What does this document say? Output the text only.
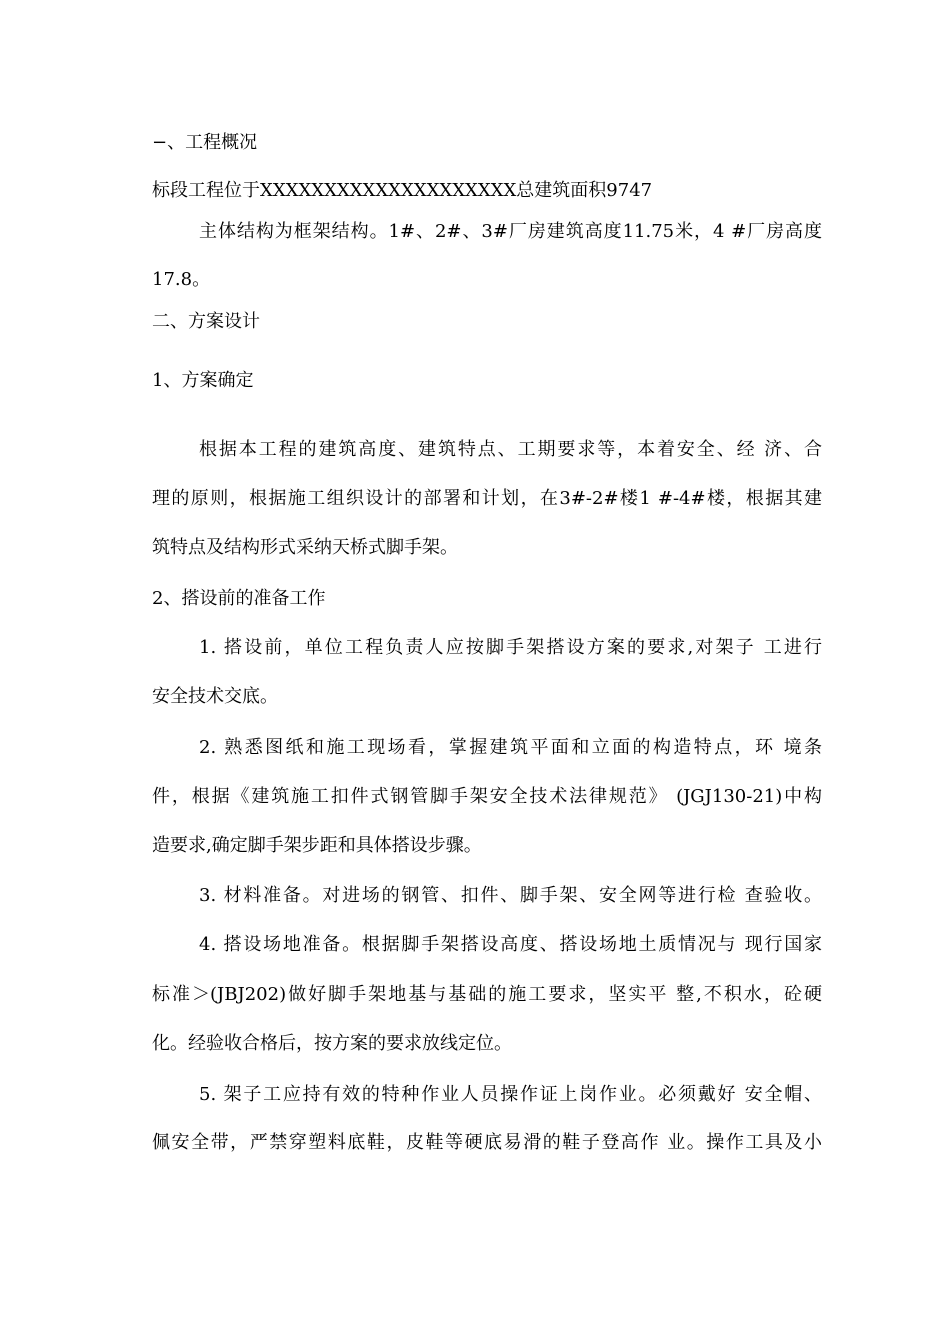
−、工程概况
标段工程位于XXXXXXXXXXXXXXXXXXXX总建筑面积9747
主体结构为框架结构。1#、2#、3#厂房建筑高度11.75米，4 #厂房高度
17.8。
二、方案设计
1、方案确定
根据本工程的建筑高度、建筑特点、工期要求等，本着安全、经 济、合
理的原则，根据施工组织设计的部署和计划，在3#-2#楼1 #-4#楼，根据其建
筑特点及结构形式采纳天桥式脚手架。
2、搭设前的准备工作
1. 搭设前，单位工程负责人应按脚手架搭设方案的要求,对架子 工进行
安全技术交底。
2. 熟悉图纸和施工现场看，掌握建筑平面和立面的构造特点，环 境条
件，根据《建筑施工扣件式钢管脚手架安全技术法律规范》 (JGJ130-21)中构
造要求,确定脚手架步距和具体搭设步骤。
3. 材料准备。对进场的钢管、扣件、脚手架、安全网等进行检 查验收。
4. 搭设场地准备。根据脚手架搭设高度、搭设场地土质情况与 现行国家
标准＞(JBJ202)做好脚手架地基与基础的施工要求，坚实平 整,不积水，砼硬
化。经验收合格后，按方案的要求放线定位。
5. 架子工应持有效的特种作业人员操作证上岗作业。必须戴好 安全帽、
佩安全带，严禁穿塑料底鞋，皮鞋等硬底易滑的鞋子登高作 业。操作工具及小
